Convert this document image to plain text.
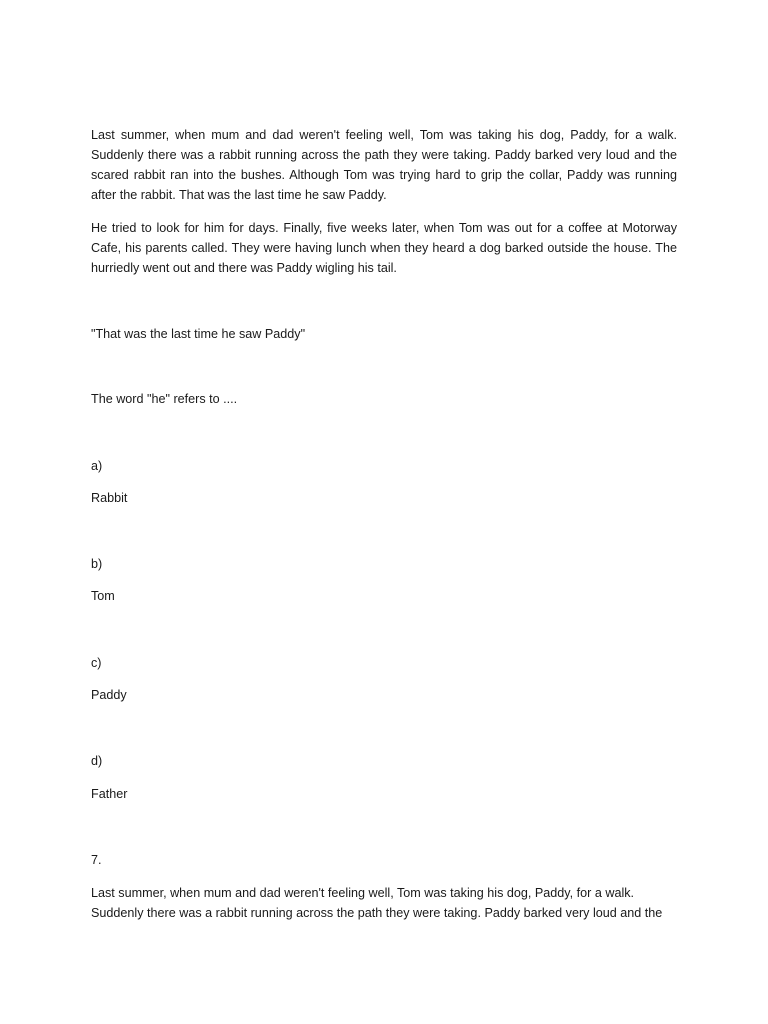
Last summer, when mum and dad weren't feeling well, Tom was taking his dog, Paddy, for a walk. Suddenly there was a rabbit running across the path they were taking. Paddy barked very loud and the scared rabbit ran into the bushes. Although Tom was trying hard to grip the collar, Paddy was running after the rabbit. That was the last time he saw Paddy.

He tried to look for him for days. Finally, five weeks later, when Tom was out for a coffee at Motorway Cafe, his parents called. They were having lunch when they heard a dog barked outside the house. The hurriedly went out and there was Paddy wigling his tail.

"That was the last time he saw Paddy"

The word "he" refers to ....

a)

Rabbit

b)

Tom

c)

Paddy

d)

Father

7.

Last summer, when mum and dad weren't feeling well, Tom was taking his dog, Paddy, for a walk.

Suddenly there was a rabbit running across the path they were taking. Paddy barked very loud and the
